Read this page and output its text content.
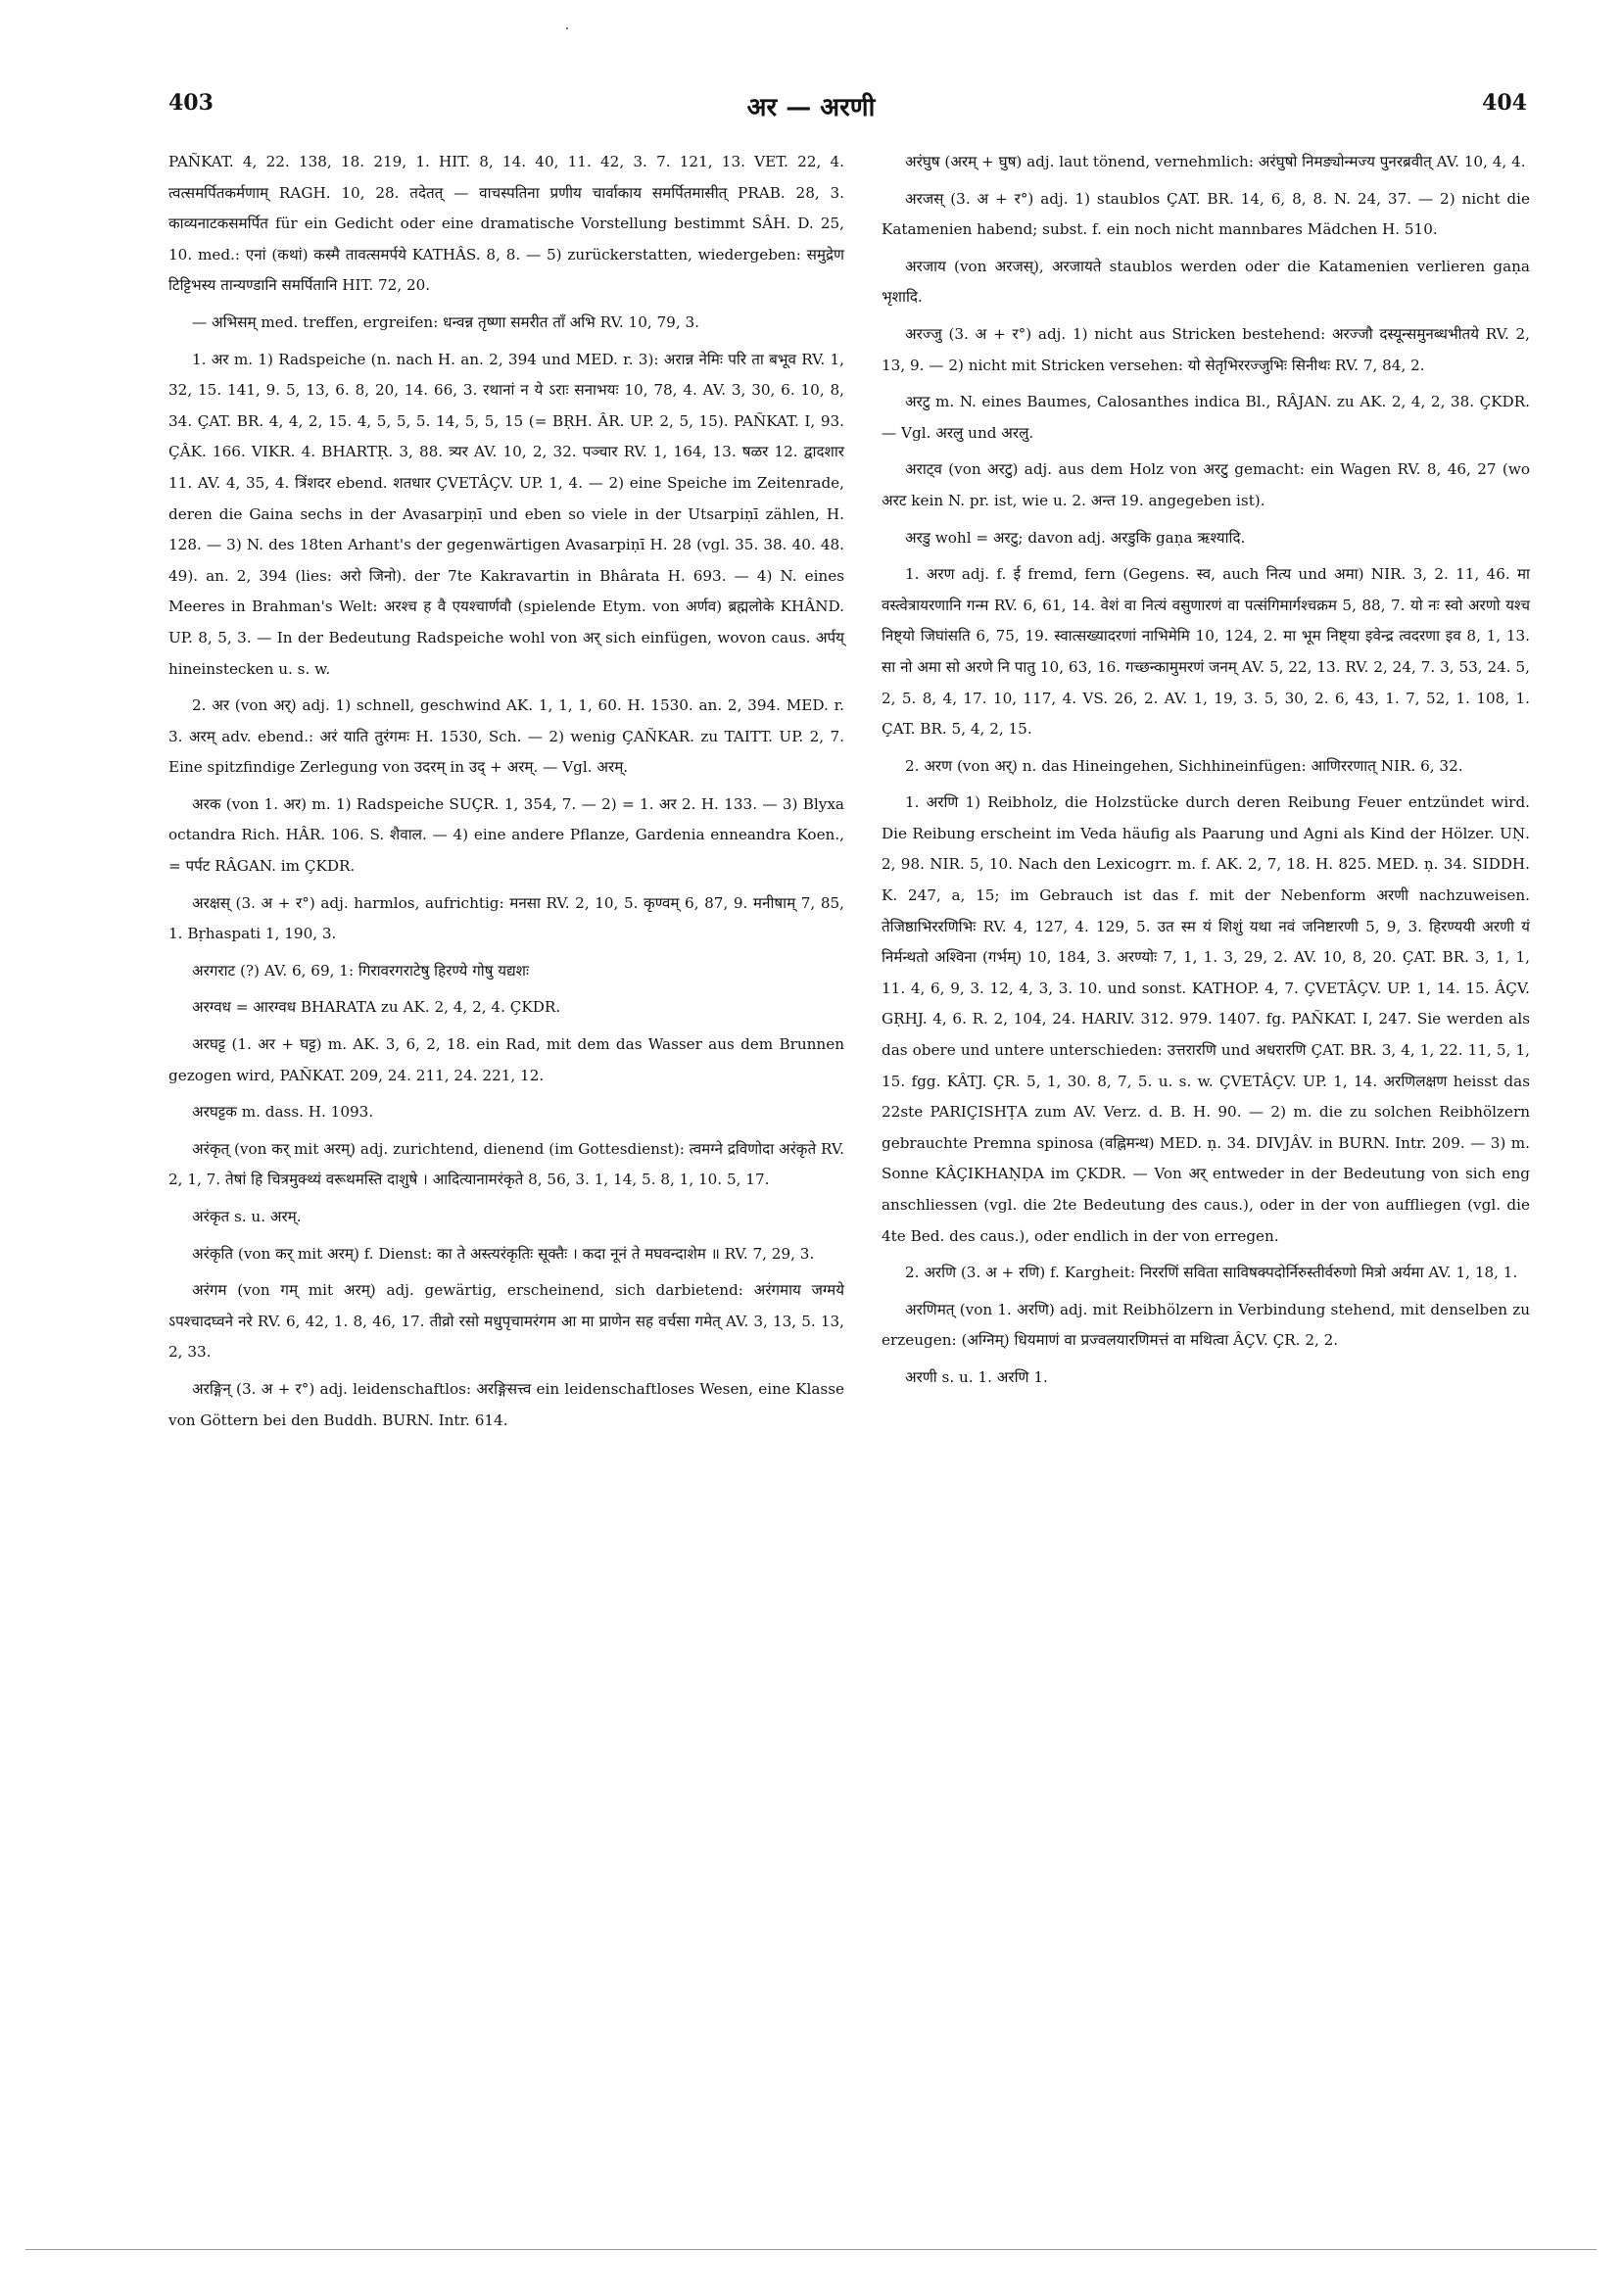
403	अर — अरणी	404

PAÑKAT. 4, 22. 138, 18. 219, 1. HIT. 8, 14. 40, 11. 42, 3. 7. 121, 13. VET. 22, 4. त्वत्समर्पितकर्मणाम् RAGH. 10, 28. तदेतत् — वाचस्पतिना प्रणीय चार्वाकाय समर्पितमासीत् PRAB. 28, 3. काव्यनाटकसमर्पित für ein Gedicht oder eine dramatische Vorstellung bestimmt SÂH. D. 25, 10. med.: एनां (कथां) कस्मै तावत्समर्पये KATHÂS. 8, 8. — 5) zurückerstatten, wiedergeben: समुद्रेण टिट्टिभस्य तान्यण्डानि समर्पितानि HIT. 72, 20.

— अभिसम् med. treffen, ergreifen: धन्वन्न तृष्णा समरीत ताँ अभि RV. 10, 79, 3.

1. अर m. 1) Radspeiche (n. nach H. an. 2, 394 und MED. r. 3): अरान्न नेमिः परि ता बभूव RV. 1, 32, 15. 141, 9. 5, 13, 6. 8, 20, 14. 66, 3. रथानां न ये ऽराः सनाभयः 10, 78, 4. AV. 3, 30, 6. 10, 8, 34. ÇAT. BR. 4, 4, 2, 15. 4, 5, 5, 5. 14, 5, 5, 15 (= BṚH. ÂR. UP. 2, 5, 15). PAÑKAT. I, 93. ÇÂK. 166. VIKR. 4. BHARTṚ. 3, 88. त्र्यर AV. 10, 2, 32. पञ्चार RV. 1, 164, 13. षळर 12. द्वादशार 11. AV. 4, 35, 4. त्रिंशदर ebend. शतधार ÇVETÂÇV. UP. 1, 4. — 2) eine Speiche im Zeitenrade, deren die Gaina sechs in der Avasarpiṇī und eben so viele in der Utsarpiṇī zählen, H. 128. — 3) N. des 18ten Arhant's der gegenwärtigen Avasarpiṇī H. 28 (vgl. 35. 38. 40. 48. 49). an. 2, 394 (lies: अरो जिनो). der 7te Kakravartin in Bhârata H. 693. — 4) N. eines Meeres in Brahman's Welt: अरश्च ह वै एयश्चार्णवौ (spielende Etym. von अर्णव) ब्रह्मलोके KHÂND. UP. 8, 5, 3. — In der Bedeutung Radspeiche wohl von अर् sich einfügen, wovon caus. अर्पय् hineinstecken u. s. w.

2. अर (von अर्) adj. 1) schnell, geschwind AK. 1, 1, 1, 60. H. 1530. an. 2, 394. MED. r. 3. अरम् adv. ebend.: अरं याति तुरंगमः H. 1530, Sch. — 2) wenig ÇAÑKAR. zu TAITT. UP. 2, 7. Eine spitzfindige Zerlegung von उदरम् in उद् + अरम्. — Vgl. अरम्.

अरक (von 1. अर) m. 1) Radspeiche SUÇR. 1, 354, 7. — 2) = 1. अर 2. H. 133. — 3) Blyxa octandra Rich. HÂR. 106. S. शैवाल. — 4) eine andere Pflanze, Gardenia enneandra Koen., = पर्पट RÂGAN. im ÇKDR.

अरक्षस् (3. अ + र°) adj. harmlos, aufrichtig: मनसा RV. 2, 10, 5. कृण्वम् 6, 87, 9. मनीषाम् 7, 85, 1. Bṛhaspati 1, 190, 3.

अरगराट (?) AV. 6, 69, 1: गिरावरगराटेषु हिरण्ये गोषु यद्यशः

अरग्वध = आरग्वध BHARATA zu AK. 2, 4, 2, 4. ÇKDR.

अरघट्ट (1. अर + घट्ट) m. AK. 3, 6, 2, 18. ein Rad, mit dem das Wasser aus dem Brunnen gezogen wird, PAÑKAT. 209, 24. 211, 24. 221, 12.

अरघट्टक m. dass. H. 1093.

अरंकृत् (von कर् mit अरम्) adj. zurichtend, dienend (im Gottesdienst): त्वमग्ने द्रविणोदा अरंकृते RV. 2, 1, 7. तेषां हि चित्रमुक्थ्यं वरूथमस्ति दाशुषे । आदित्यानामरंकृते 8, 56, 3. 1, 14, 5. 8, 1, 10. 5, 17.

अरंकृत s. u. अरम्.

अरंकृति (von कर् mit अरम्) f. Dienst: का ते अस्त्यरंकृतिः सूक्तैः । कदा नूनं ते मघवन्दाशेम ॥ RV. 7, 29, 3.

अरंगम (von गम् mit अरम्) adj. gewärtig, erscheinend, sich darbietend: अरंगमाय जग्मये ऽपश्चादघ्वने नरे RV. 6, 42, 1. 8, 46, 17. तीव्रो रसो मधुपृचामरंगम आ मा प्राणेन सह वर्चसा गमेत् AV. 3, 13, 5. 13, 2, 33.

अरङ्गिन् (3. अ + र°) adj. leidenschaftlos: अरङ्गिसत्त्व ein leidenschaftloses Wesen, eine Klasse von Göttern bei den Buddh. BURN. Intr. 614.

अरंघुष (अरम् + घुष) adj. laut tönend, vernehmlich: अरंघुषो निमङ्योन्मज्य पुनरब्रवीत् AV. 10, 4, 4.

अरजस् (3. अ + र°) adj. 1) staublos ÇAT. BR. 14, 6, 8, 8. N. 24, 37. — 2) nicht die Katamenien habend; subst. f. ein noch nicht mannbares Mädchen H. 510.

अरजाय (von अरजस्), अरजायते staublos werden oder die Katamenien verlieren gaṇa भृशादि.

अरज्जु (3. अ + र°) adj. 1) nicht aus Stricken bestehend: अरज्जौ दस्यून्समुनब्धभीतये RV. 2, 13, 9. — 2) nicht mit Stricken versehen: यो सेतृभिररज्जुभिः सिनीथः RV. 7, 84, 2.

अरटु m. N. eines Baumes, Calosanthes indica Bl., RÂJAN. zu AK. 2, 4, 2, 38. ÇKDR. — Vgl. अरलु und अरलु.

अराट्व (von अरटु) adj. aus dem Holz von अरटु gemacht: ein Wagen RV. 8, 46, 27 (wo अरट kein N. pr. ist, wie u. 2. अन्त 19. angegeben ist).

अरडु wohl = अरटु; davon adj. अरडुकि gaṇa ऋश्यादि.

1. अरण adj. f. ई fremd, fern (Gegens. स्व, auch नित्य und अमा) NIR. 3, 2. 11, 46. मा वस्त्वेत्रायरणानि गन्म RV. 6, 61, 14. वेशं वा नित्यं वसुणारणं वा पत्संगिमार्गश्चक्रम 5, 88, 7. यो नः स्वो अरणो यश्च निष्ट्यो जिघांसति 6, 75, 19. स्वात्सख्यादरणां नाभिमेमि 10, 124, 2. मा भूम निष्ट्या इवेन्द्र त्वदरणा इव 8, 1, 13. सा नो अमा सो अरणे नि पातु 10, 63, 16. गच्छन्कामुमरणं जनम् AV. 5, 22, 13. RV. 2, 24, 7. 3, 53, 24. 5, 2, 5. 8, 4, 17. 10, 117, 4. VS. 26, 2. AV. 1, 19, 3. 5, 30, 2. 6, 43, 1. 7, 52, 1. 108, 1. ÇAT. BR. 5, 4, 2, 15.

2. अरण (von अर्) n. das Hineingehen, Sichhineinfügen: आणिररणात् NIR. 6, 32.

1. अरणि 1) Reibholz, die Holzstücke durch deren Reibung Feuer entzündet wird. Die Reibung erscheint im Veda häufig als Paarung und Agni als Kind der Hölzer. UṆ. 2, 98. NIR. 5, 10. Nach den Lexicogrr. m. f. AK. 2, 7, 18. H. 825. MED. ṇ. 34. SIDDH. K. 247, a, 15; im Gebrauch ist das f. mit der Nebenform अरणी nachzuweisen. तेजिष्ठाभिररणिभिः RV. 4, 127, 4. 129, 5. उत स्म यं शिशुं यथा नवं जनिष्टारणी 5, 9, 3. हिरण्ययी अरणी यं निर्मन्थतो अश्विना (गर्भम्) 10, 184, 3. अरण्योः 7, 1, 1. 3, 29, 2. AV. 10, 8, 20. ÇAT. BR. 3, 1, 1, 11. 4, 6, 9, 3. 12, 4, 3, 3. 10. und sonst. KATHOP. 4, 7. ÇVETÂÇV. UP. 1, 14. 15. ÂÇV. GṚHJ. 4, 6. R. 2, 104, 24. HARIV. 312. 979. 1407. fg. PAÑKAT. I, 247. Sie werden als das obere und untere unterschieden: उत्तरारणि und अधरारणि ÇAT. BR. 3, 4, 1, 22. 11, 5, 1, 15. fgg. KÂTJ. ÇR. 5, 1, 30. 8, 7, 5. u. s. w. ÇVETÂÇV. UP. 1, 14. अरणिलक्षण heisst das 22ste PARIÇISHṬA zum AV. Verz. d. B. H. 90. — 2) m. die zu solchen Reibhölzern gebrauchte Premna spinosa (वह्निमन्थ) MED. ṇ. 34. DIVJÂV. in BURN. Intr. 209. — 3) m. Sonne KÂÇIKHAṆḌA im ÇKDR. — Von अर् entweder in der Bedeutung von sich eng anschliessen (vgl. die 2te Bedeutung des caus.), oder in der von auffliegen (vgl. die 4te Bed. des caus.), oder endlich in der von erregen.

2. अरणि (3. अ + रणि) f. Kargheit: निररणिं सविता साविषक्पदोर्निरुस्तीर्वरुणो मित्रो अर्यमा AV. 1, 18, 1.

अरणिमत् (von 1. अरणि) adj. mit Reibhölzern in Verbindung stehend, mit denselben zu erzeugen: (अग्निम्) धियमाणं वा प्रज्वलयारणिमत्तं वा मथित्वा ÂÇV. ÇR. 2, 2.

अरणी s. u. 1. अरणि 1.
